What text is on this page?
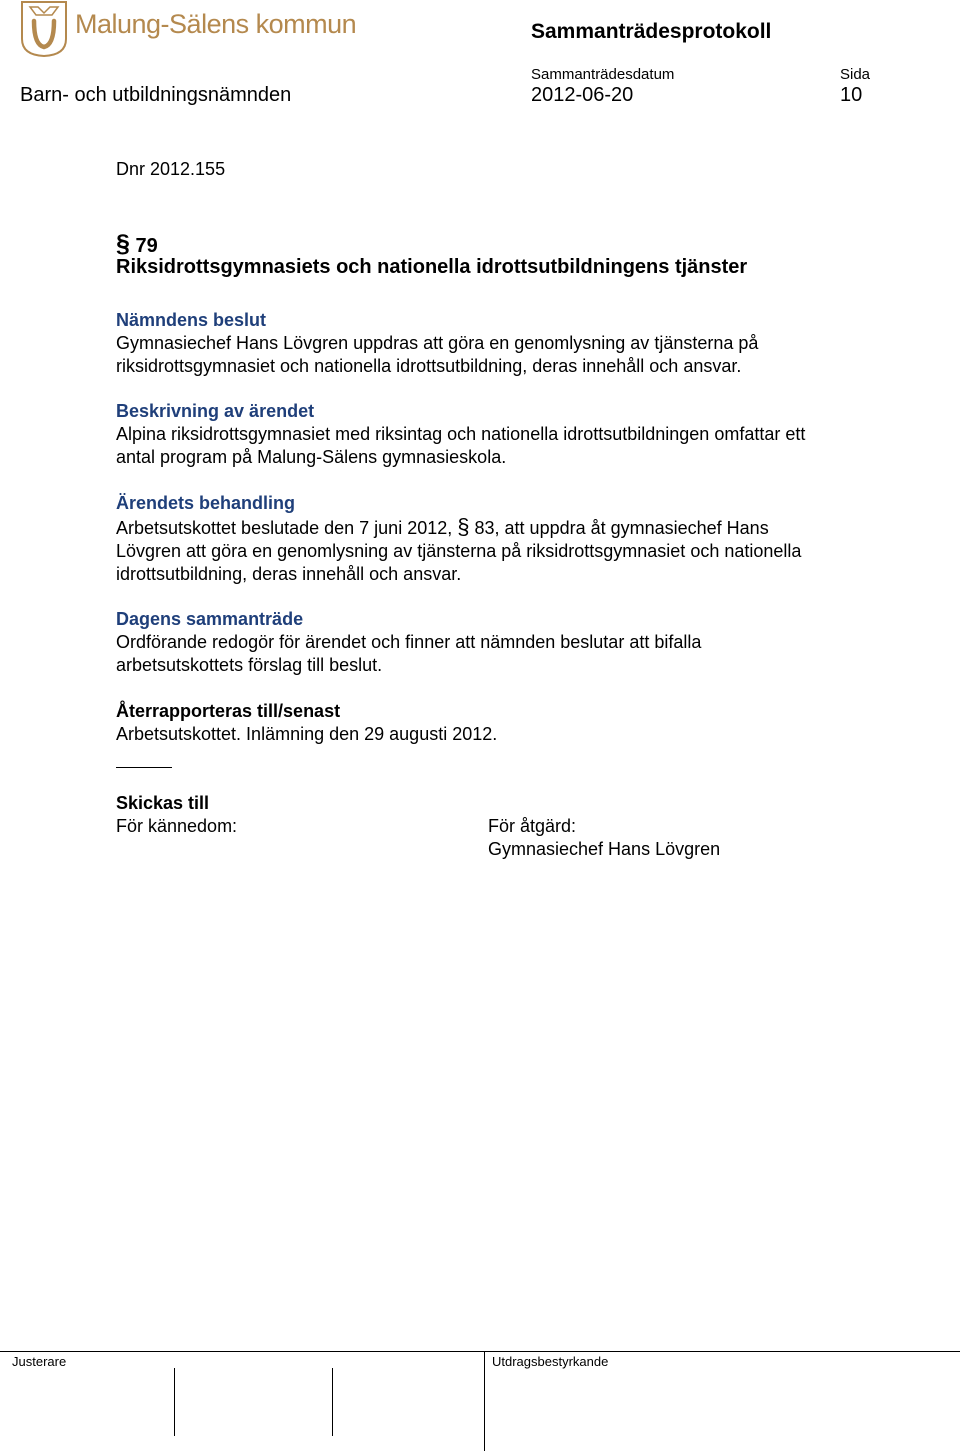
Malung-Sälens kommun	Sammanträdesprotokoll
Sammanträdesdatum	Sida
Barn- och utbildningsnämnden	2012-06-20	10
Dnr 2012.155
§ 79
Riksidrottsgymnasiets och nationella idrottsutbildningens tjänster
Nämndens beslut
Gymnasiechef Hans Lövgren uppdras att göra en genomlysning av tjänsterna på
riksidrottsgymnasiet och nationella idrottsutbildning, deras innehåll och ansvar.
Beskrivning av ärendet
Alpina riksidrottsgymnasiet med riksintag och nationella idrottsutbildningen omfattar ett
antal program på Malung-Sälens gymnasieskola.
Ärendets behandling
Arbetsutskottet beslutade den 7 juni 2012, § 83, att uppdra åt gymnasiechef Hans
Lövgren att göra en genomlysning av tjänsterna på riksidrottsgymnasiet och nationella
idrottsutbildning, deras innehåll och ansvar.
Dagens sammanträde
Ordförande redogör för ärendet och finner att nämnden beslutar att bifalla
arbetsutskottets förslag till beslut.
Återrapporteras till/senast
Arbetsutskottet. Inlämning den 29 augusti 2012.
Skickas till
För kännedom:	För åtgärd:
Gymnasiechef Hans Lövgren
Justerare	Utdragsbestyrkande
